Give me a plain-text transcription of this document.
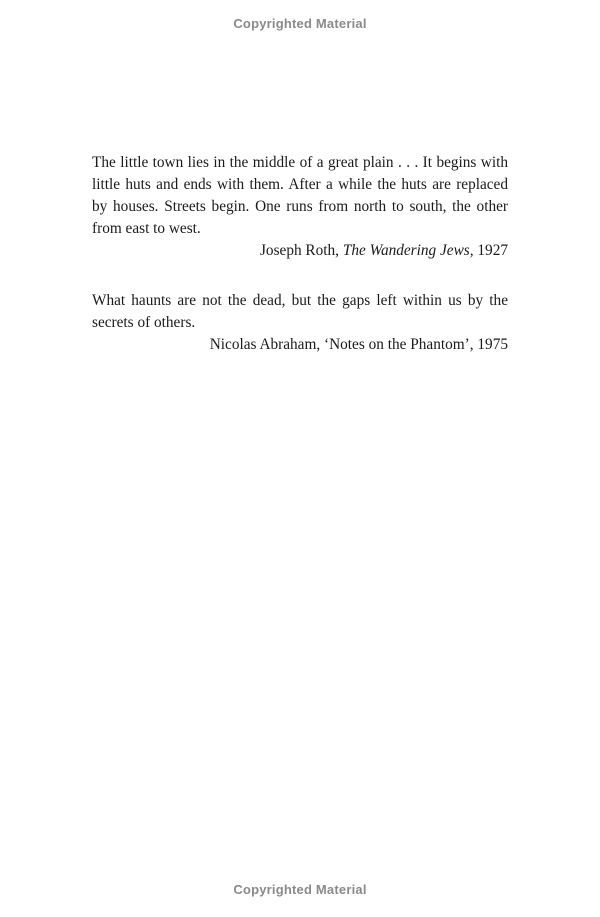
Copyrighted Material

The little town lies in the middle of a great plain . . . It begins with little huts and ends with them. After a while the huts are replaced by houses. Streets begin. One runs from north to south, the other from east to west.

Joseph Roth, The Wandering Jews, 1927

What haunts are not the dead, but the gaps left within us by the secrets of others.

Nicolas Abraham, ‘Notes on the Phantom’, 1975

Copyrighted Material
